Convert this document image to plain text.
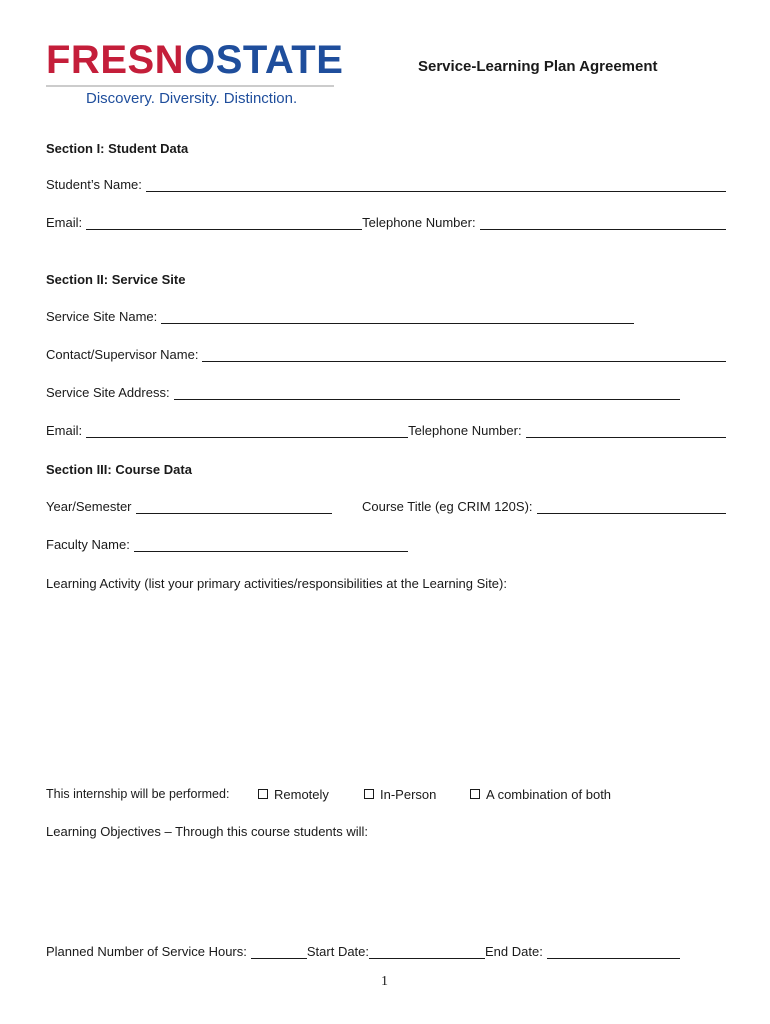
FRESNOSTATE
Discovery. Diversity. Distinction.
Service-Learning Plan Agreement
Section I: Student Data
Student’s Name:
Email:	Telephone Number:
Section II: Service Site
Service Site Name:
Contact/Supervisor Name:
Service Site Address:
Email:	Telephone Number:
Section III: Course Data
Year/Semester	Course Title (eg CRIM 120S):
Faculty Name:
Learning Activity (list your primary activities/responsibilities at the Learning Site):
This internship will be performed:	Remotely	In-Person	A combination of both
Learning Objectives – Through this course students will:
Planned Number of Service Hours:	Start Date:	End Date:
1
